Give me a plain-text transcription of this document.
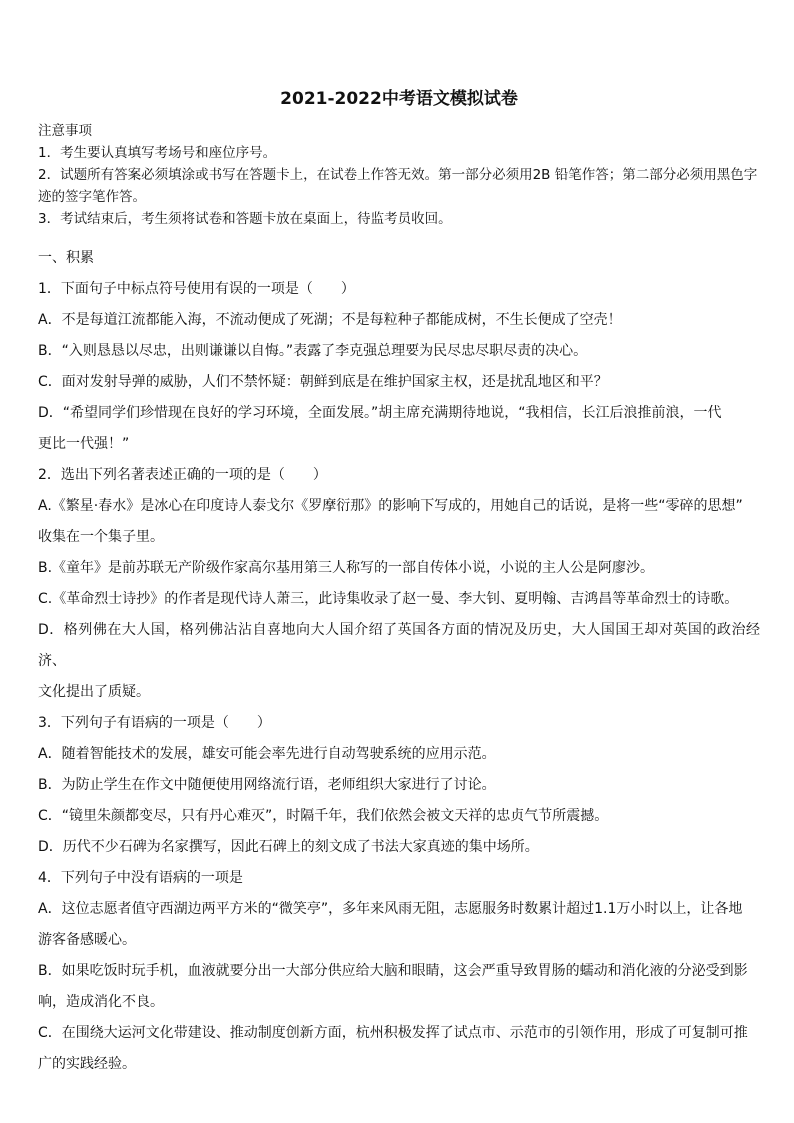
2021-2022中考语文模拟试卷
注意事项
1．考生要认真填写考场号和座位序号。
2．试题所有答案必须填涂或书写在答题卡上，在试卷上作答无效。第一部分必须用2B 铅笔作答；第二部分必须用黑色字迹的签字笔作答。
3．考试结束后，考生须将试卷和答题卡放在桌面上，待监考员收回。
一、积累
1．下面句子中标点符号使用有误的一项是（　　）
A．不是每道江流都能入海，不流动便成了死湖；不是每粒种子都能成树，不生长便成了空壳！
B．“入则恳恳以尽忠，出则谦谦以自悔。”表露了李克强总理要为民尽忠尽职尽责的决心。
C．面对发射导弹的威胁，人们不禁怀疑：朝鲜到底是在维护国家主权，还是扰乱地区和平？
D．“希望同学们珍惜现在良好的学习环境，全面发展。”胡主席充满期待地说，“我相信，长江后浪推前浪，一代
更比一代强！”
2．选出下列名著表述正确的一项的是（　　）
A.《繁星·春水》是冰心在印度诗人泰戈尔《罗摩衍那》的影响下写成的，用她自己的话说，是将一些“零碎的思想”
收集在一个集子里。
B.《童年》是前苏联无产阶级作家高尔基用第三人称写的一部自传体小说，小说的主人公是阿廖沙。
C.《革命烈士诗抄》的作者是现代诗人萧三，此诗集收录了赵一曼、李大钊、夏明翰、吉鸿昌等革命烈士的诗歌。
D．格列佛在大人国，格列佛沾沾自喜地向大人国介绍了英国各方面的情况及历史，大人国国王却对英国的政治经济、
文化提出了质疑。
3．下列句子有语病的一项是（　　）
A．随着智能技术的发展，雄安可能会率先进行自动驾驶系统的应用示范。
B．为防止学生在作文中随便使用网络流行语，老师组织大家进行了讨论。
C．“镜里朱颜都变尽，只有丹心难灭”，时隔千年，我们依然会被文天祥的忠贞气节所震撼。
D．历代不少石碑为名家撰写，因此石碑上的刻文成了书法大家真迹的集中场所。
4．下列句子中没有语病的一项是
A．这位志愿者值守西湖边两平方米的“微笑亭”，多年来风雨无阻，志愿服务时数累计超过1.1万小时以上，让各地
游客备感暖心。
B．如果吃饭时玩手机，血液就要分出一大部分供应给大脑和眼睛，这会严重导致胃肠的蠕动和消化液的分泌受到影
响，造成消化不良。
C．在围绕大运河文化带建设、推动制度创新方面，杭州积极发挥了试点市、示范市的引领作用，形成了可复制可推
广的实践经验。
